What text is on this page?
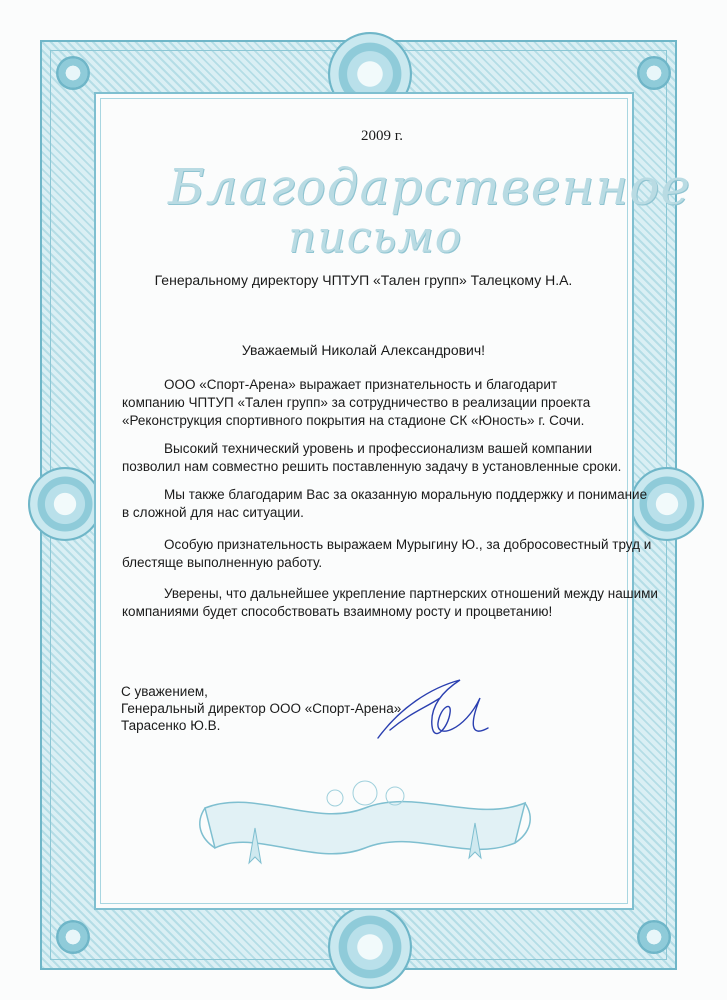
2009 г.
Благодарственное
письмо
Генеральному директору ЧПТУП «Тален групп» Талецкому Н.А.
Уважаемый Николай Александрович!
ООО «Спорт-Арена» выражает признательность и благодарит
компанию ЧПТУП «Тален групп» за сотрудничество в реализации проекта
«Реконструкция спортивного покрытия на стадионе СК «Юность» г. Сочи.
Высокий технический уровень и профессионализм вашей компании
позволил нам совместно решить поставленную задачу в установленные сроки.
Мы также благодарим Вас за оказанную моральную поддержку и понимание
в сложной для нас ситуации.
Особую признательность выражаем Мурыгину Ю., за добросовестный труд и
блестяще выполненную работу.
Уверены, что дальнейшее укрепление партнерских отношений между нашими
компаниями будет способствовать взаимному росту и процветанию!
С уважением,
Генеральный директор ООО «Спорт-Арена»
Тарасенко Ю.В.
